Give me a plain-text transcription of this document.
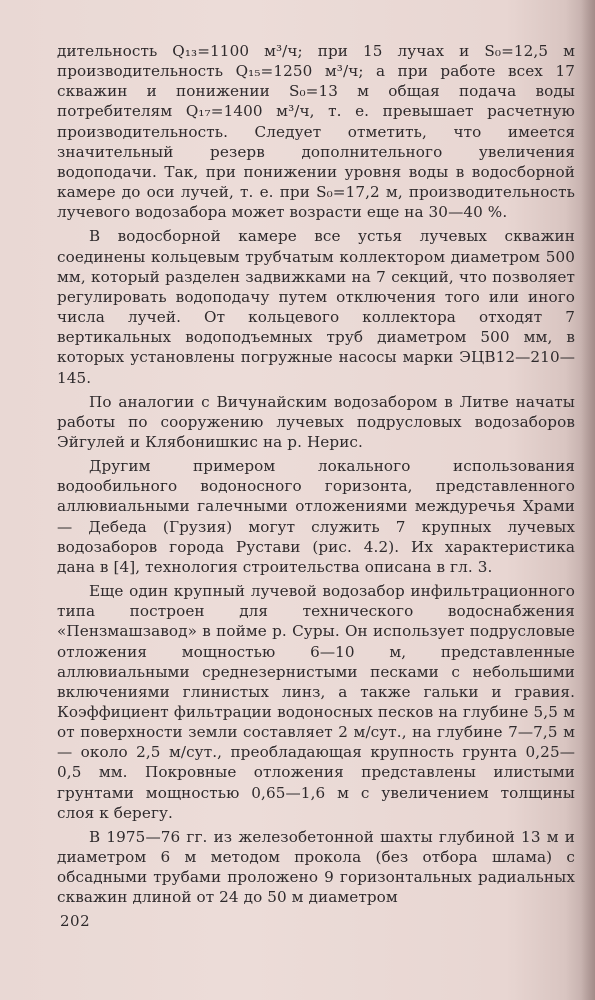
дительность Q₁₃=1100 м³/ч; при 15 лучах и S₀=12,5 м производительность Q₁₅=1250 м³/ч; а при работе всех 17 скважин и понижении S₀=13 м общая подача воды потребителям Q₁₇=1400 м³/ч, т. е. превышает расчетную производительность. Следует отметить, что имеется значительный резерв дополнительного увеличения водоподачи. Так, при понижении уровня воды в водосборной камере до оси лучей, т. е. при S₀=17,2 м, производительность лучевого водозабора может возрасти еще на 30—40 %.

В водосборной камере все устья лучевых скважин соединены кольцевым трубчатым коллектором диаметром 500 мм, который разделен задвижками на 7 секций, что позволяет регулировать водоподачу путем отключения того или иного числа лучей. От кольцевого коллектора отходят 7 вертикальных водоподъемных труб диаметром 500 мм, в которых установлены погружные насосы марки ЭЦВ12—210—145.

По аналогии с Вичунайским водозабором в Литве начаты работы по сооружению лучевых подрусловых водозаборов Эйгулей и Клябонишкис на р. Нерис.

Другим примером локального использования водообильного водоносного горизонта, представленного аллювиальными галечными отложениями междуречья Храми — Дебеда (Грузия) могут служить 7 крупных лучевых водозаборов города Рустави (рис. 4.2). Их характеристика дана в [4], технология строительства описана в гл. 3.

Еще один крупный лучевой водозабор инфильтрационного типа построен для технического водоснабжения «Пензмашзавод» в пойме р. Суры. Он использует подрусловые отложения мощностью 6—10 м, представленные аллювиальными среднезернистыми песками с небольшими включениями глинистых линз, а также гальки и гравия. Коэффициент фильтрации водоносных песков на глубине 5,5 м от поверхности земли составляет 2 м/сут., на глубине 7—7,5 м — около 2,5 м/сут., преобладающая крупность грунта 0,25—0,5 мм. Покровные отложения представлены илистыми грунтами мощностью 0,65—1,6 м с увеличением толщины слоя к берегу.

В 1975—76 гг. из железобетонной шахты глубиной 13 м и диаметром 6 м методом прокола (без отбора шлама) с обсадными трубами проложено 9 горизонтальных радиальных скважин длиной от 24 до 50 м диаметром

202
